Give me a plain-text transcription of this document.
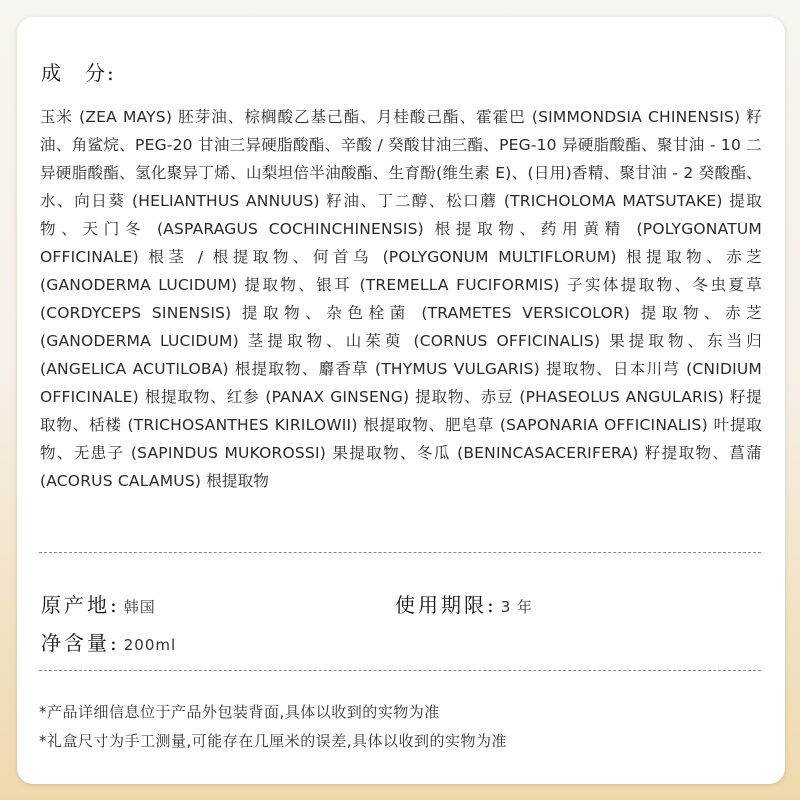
成 分:
玉米 (ZEA MAYS) 胚芽油、棕榈酸乙基己酯、月桂酸己酯、霍霍巴 (SIMMONDSIA CHINENSIS) 籽油、角鲨烷、PEG-20 甘油三异硬脂酸酯、辛酸 / 癸酸甘油三酯、PEG-10 异硬脂酸酯、聚甘油 - 10 二异硬脂酸酯、氢化聚异丁烯、山梨坦倍半油酸酯、生育酚(维生素 E)、(日用)香精、聚甘油 - 2 癸酸酯、水、向日葵 (HELIANTHUS ANNUUS) 籽油、丁二醇、松口蘑 (TRICHOLOMA MATSUTAKE) 提取物、天门冬 (ASPARAGUS COCHINCHINENSIS) 根提取物、药用黄精 (POLYGONATUM OFFICINALE) 根茎 / 根提取物、何首乌 (POLYGONUM MULTIFLORUM) 根提取物、赤芝 (GANODERMA LUCIDUM) 提取物、银耳 (TREMELLA FUCIFORMIS) 子实体提取物、冬虫夏草 (CORDYCEPS SINENSIS) 提取物、杂色栓菌 (TRAMETES VERSICOLOR) 提取物、赤芝 (GANODERMA LUCIDUM) 茎提取物、山茱萸 (CORNUS OFFICINALIS) 果提取物、东当归 (ANGELICA ACUTILOBA) 根提取物、麝香草 (THYMUS VULGARIS) 提取物、日本川芎 (CNIDIUM OFFICINALE) 根提取物、红参 (PANAX GINSENG) 提取物、赤豆 (PHASEOLUS ANGULARIS) 籽提取物、栝楼 (TRICHOSANTHES KIRILOWII) 根提取物、肥皂草 (SAPONARIA OFFICINALIS) 叶提取物、无患子 (SAPINDUS MUKOROSSI) 果提取物、冬瓜 (BENINCASACERIFERA) 籽提取物、菖蒲 (ACORUS CALAMUS) 根提取物
原产地: 韩国	使用期限: 3 年
净含量: 200ml
*产品详细信息位于产品外包装背面,具体以收到的实物为准
*礼盒尺寸为手工测量,可能存在几厘米的误差,具体以收到的实物为准
